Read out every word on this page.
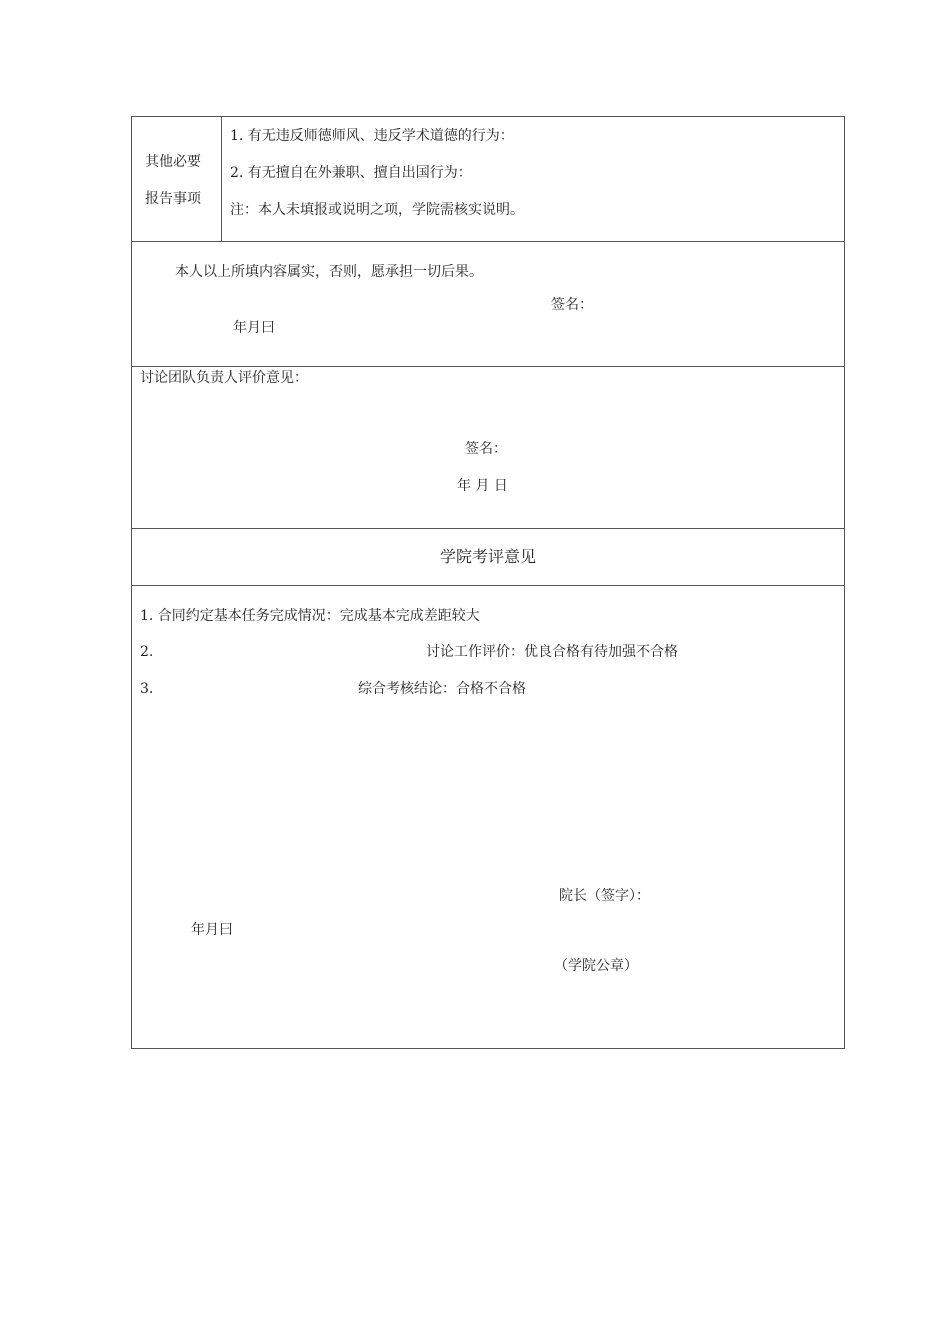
其他必要
报告事项
1. 有无违反师德师风、违反学术道德的行为：
2. 有无擅自在外兼职、擅自出国行为：
注：本人未填报或说明之项，学院需核实说明。
本人以上所填内容属实，否则，愿承担一切后果。
签名：
年月曰
讨论团队负责人评价意见：
签名：
年 月 日
学院考评意见
1. 合同约定基本任务完成情况：完成基本完成差距较大
2.	讨论工作评价：优良合格有待加强不合格
3.	综合考核结论：合格不合格
院长（签字）：
年月曰
（学院公章）
